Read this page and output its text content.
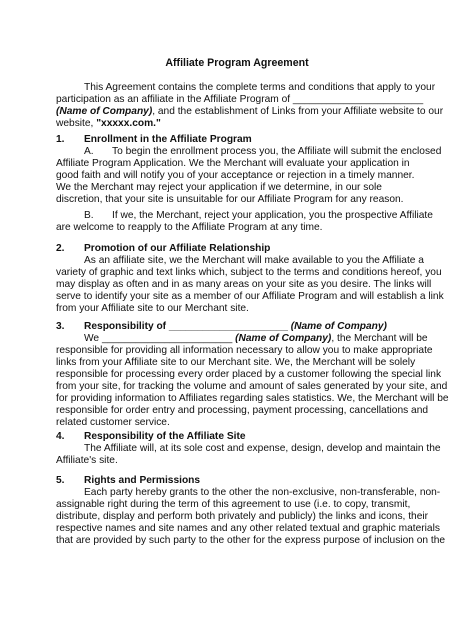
Affiliate Program Agreement
This Agreement contains the complete terms and conditions that apply to your
participation as an affiliate in the Affiliate Program of _______________________
(Name of Company), and the establishment of Links from your Affiliate website to our
website, "xxxxx.com."
1. Enrollment in the Affiliate Program
A. To begin the enrollment process you, the Affiliate will submit the enclosed
Affiliate Program Application. We the Merchant will evaluate your application in
good faith and will notify you of your acceptance or rejection in a timely manner.
We the Merchant may reject your application if we determine, in our sole
discretion, that your site is unsuitable for our Affiliate Program for any reason.
B. If we, the Merchant, reject your application, you the prospective Affiliate
are welcome to reapply to the Affiliate Program at any time.
2. Promotion of our Affiliate Relationship
As an affiliate site, we the Merchant will make available to you the Affiliate a
variety of graphic and text links which, subject to the terms and conditions hereof, you
may display as often and in as many areas on your site as you desire. The links will
serve to identify your site as a member of our Affiliate Program and will establish a link
from your Affiliate site to our Merchant site.
3. Responsibility of _____________________ (Name of Company)
We _______________________ (Name of Company), the Merchant will be
responsible for providing all information necessary to allow you to make appropriate
links from your Affiliate site to our Merchant site. We, the Merchant will be solely
responsible for processing every order placed by a customer following the special link
from your site, for tracking the volume and amount of sales generated by your site, and
for providing information to Affiliates regarding sales statistics. We, the Merchant will be
responsible for order entry and processing, payment processing, cancellations and
related customer service.
4. Responsibility of the Affiliate Site
The Affiliate will, at its sole cost and expense, design, develop and maintain the
Affiliate's site.
5. Rights and Permissions
Each party hereby grants to the other the non-exclusive, non-transferable, non-
assignable right during the term of this agreement to use (i.e. to copy, transmit,
distribute, display and perform both privately and publicly) the links and icons, their
respective names and site names and any other related textual and graphic materials
that are provided by such party to the other for the express purpose of inclusion on the
